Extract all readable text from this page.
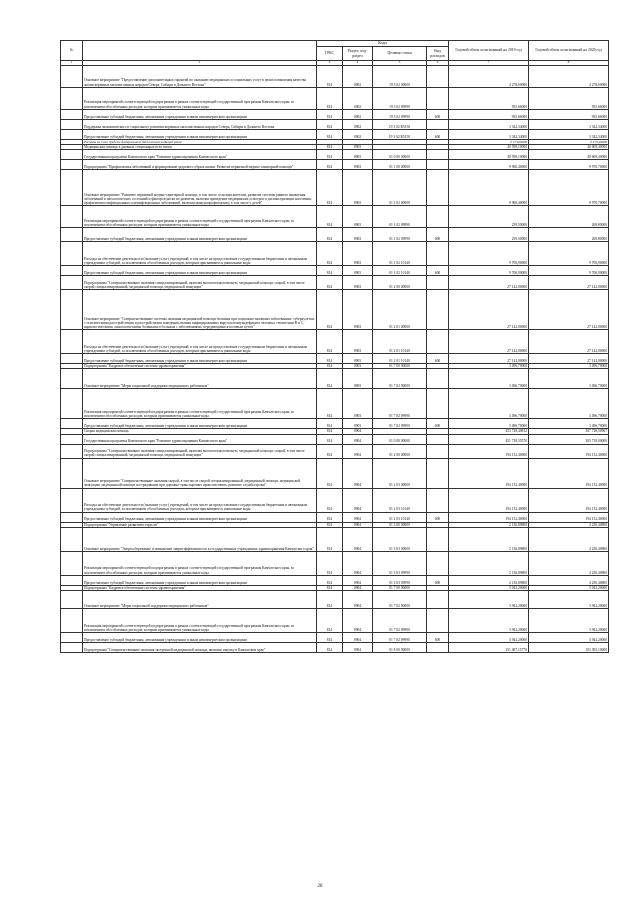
№		Коды				Годовой объем ассигнований на 2019 год	Годовой объем ассигнований на 2020 год
		ГРБС	Раздел, под-раздел	Целевая статья	Вид расходов		
1	2	3	4	5	6	7	8
	Основное мероприятие "Предоставление дополнительных гарантий по оказанию медицинских и социальных услуг в целях повышения качества жизни коренных малочисленных народов Севера, Сибири и Дальнего Востока"	814	0902	19 3 02 00000		4 278,00000	4 278,00000
	Реализация мероприятий соответствующей подпрограммы в рамках соответствующей государственной программы Камчатского края, за исключением обособленных расходов, которым присваиваются уникальные коды	814	0902	19 3 02 09990		935,66000	935,66000
	Предоставление субсидий бюджетным, автономным учреждениям и иным некоммерческим организациям	814	0902	19 3 02 09990	600	935,66000	935,66000
	Поддержка экономического и социального развития коренных малочисленных народов Севера, Сибири и Дальнего Востока	814	0902	19 3 02 R5150		3 342,34000	3 342,34000
	Предоставление субсидий бюджетным, автономным учреждениям и иным некоммерческим организациям	814	0902	19 3 02 R5150	600	3 342,34000	3 342,34000
	Расходы за счет средств федерального бюджета/исходящий ранее					3 173,06000	3 173,26000
	Медицинская помощь в дневных стационарах всех типов	814	0903			40 599,10000	40 609,40000
	Государственная программа Камчатского края "Развитие здравоохранения Камчатского края"	814	0903	01 0 00 00000		40 599,10000	40 609,40000
	Подпрограмма "Профилактика заболеваний и формирование здорового образа жизни. Развитие первичной медико-санитарной помощи"	814	0903	01 1 00 00000		9 960,40000	9 970,70000
	Основное мероприятие "Развитие первичной медико-санитарной помощи, в том числе сельским жителям, развитие системы раннего выявления заболеваний и патологических состояний и факторов риска их развития, включая проведение медицинских осмотров и диспансеризации населения, профилактика инфекционных и неинфекционных заболеваний, включая иммунопрофилактику, в том числе у детей"	814	0903	01 1 02 00000		9 960,40000	9 970,70000
	Реализация мероприятий соответствующей подпрограммы в рамках соответствующей государственной программы Камчатского края, за исключением обособленных расходов, которым присваиваются уникальные коды	814	0903	01 1 02 09990		259,50000	269,80000
	Предоставление субсидий бюджетным, автономным учреждениям и иным некоммерческим организациям	814	0903	01 1 02 09990	600	259,50000	269,80000
	Расходы на обеспечение деятельности (оказание услуг) учреждений, в том числе на предоставление государственным бюджетным и автономным учреждениям субсидий, за исключением обособленных расходов, которым присваиваются уникальные коды	814	0903	01 1 02 10140		9 700,90000	9 700,90000
	Предоставление субсидий бюджетным, автономным учреждениям и иным некоммерческим организациям	814	0903	01 1 02 10140	600	9 700,90000	9 700,90000
	Подпрограмма "Совершенствование оказания специализированной, включая высокотехнологичную, медицинской помощи, скорой, в том числе скорой специализированной, медицинской помощи, медицинской эвакуации"	814	0903	01 2 00 00000		27 142,00000	27 142,00000
	Основное мероприятие "Совершенствование системы оказания медицинской помощи больным при социально-значимых заболеваниях: туберкулезом, с психическими расстройствами и расстройствами поведения, вызван инфицированных вирусом иммунодефицита человека, гепатитами В и С, наркологическими, онкологическими больными и больным с заболеваниями, передающимися половым путем"	814	0903	01 2 01 00000		27 142,00000	27 142,00000
	Расходы на обеспечение деятельности (оказание услуг) учреждений, в том числе на предоставление государственным бюджетным и автономным учреждениям субсидий, за исключением обособленных расходов, которым присваиваются уникальные коды	814	0903	01 2 01 10140		27 142,00000	27 142,00000
	Предоставление субсидий бюджетным, автономным учреждениям и иным некоммерческим организациям	814	0903	01 2 01 10140	600	27 142,00000	27 142,00000
	Подпрограмма "Кадровое обеспечение системы здравоохранения"	814	0903	01 7 00 00000		3 496,70000	3 496,70000
	Основное мероприятие "Меры социальной поддержки медицинских работников"	814	0903	01 7 02 00000		3 496,70000	3 496,70000
	Реализация мероприятий соответствующей подпрограммы в рамках соответствующей государственной программы Камчатского края, за исключением обособленных расходов, которым присваиваются уникальные коды	814	0903	01 7 02 09990		3 496,70000	3 496,70000
	Предоставление субсидий бюджетным, автономным учреждениям и иным некоммерческим организациям	814	0903	01 7 02 09990	600	3 496,70000	3 496,70000
	Скорая медицинская помощь	814	0904			453 728,40812	307 728,50967
	Государственная программа Камчатского края "Развитие здравоохранения Камчатского края"	814	0904	01 0 00 00000		451 718,55570	305 718,00000
	Подпрограмма "Совершенствование оказания специализированной, включая высокотехнологичную, медицинской помощи, скорой, в том числе скорой специализированной, медицинской помощи, медицинской эвакуации"	814	0904	01 2 00 00000		194 152,40000	194 152,40000
	Основное мероприятие "Совершенствование оказания скорой, в том числе скорой специализированной, медицинской помощи, медицинской эвакуации, медицинской помощи пострадавшим при дорожно-транспортных происшествиях, развитие службы крови"	814	0904	01 2 03 00000		194 152,40000	194 152,40000
	Расходы на обеспечение деятельности (оказание услуг) учреждений, в том числе на предоставление государственным бюджетным и автономным учреждениям субсидий, за исключением обособленных расходов, которым присваиваются уникальные коды	814	0904	01 2 03 10140		194 152,40000	194 152,40000
	Предоставление субсидий бюджетным, автономным учреждениям и иным некоммерческим организациям	814	0904	01 2 03 10140	600	194 152,40000	194 152,40000
	Подпрограмма "Управление развитием отрасли"	814	0904	01 3 00 00000		2 136,89800	4 230,40800
	Основное мероприятие "Энергосбережение и повышение энергоэффективности в государственных учреждениях здравоохранения Камчатского края"	814	0904	01 3 03 00000		2 136,89800	4 230,40800
	Реализация мероприятий соответствующей подпрограммы в рамках соответствующей государственной программы Камчатского края, за исключением обособленных расходов, которым присваиваются уникальные коды	814	0904	01 3 03 09990		2 136,89800	4 230,40800
	Предоставление субсидий бюджетным, автономным учреждениям и иным некоммерческим организациям	814	0904	01 3 03 09990	600	2 136,89800	4 230,40800
	Подпрограмма "Кадровое обеспечение системы здравоохранения"	814	0904	01 7 00 00000		3 942,20000	3 942,20000
	Основное мероприятие "Меры социальной поддержки медицинских работников"	814	0904	01 7 02 00000		3 942,20000	3 942,20000
	Реализация мероприятий соответствующей подпрограммы в рамках соответствующей государственной программы Камчатского края, за исключением обособленных расходов, которым присваиваются уникальные коды	814	0904	01 7 02 09990		3 942,20000	3 942,20000
	Предоставление субсидий бюджетным, автономным учреждениям и иным некоммерческим организациям	814	0904	01 7 02 09990	600	3 942,20000	3 942,20000
	Подпрограмма "Совершенствование оказания экстренной медицинской помощи, включая закупку в Камчатском крае"	814	0904	01 8 00 00000		251 487,15770	103 393,10000
28
